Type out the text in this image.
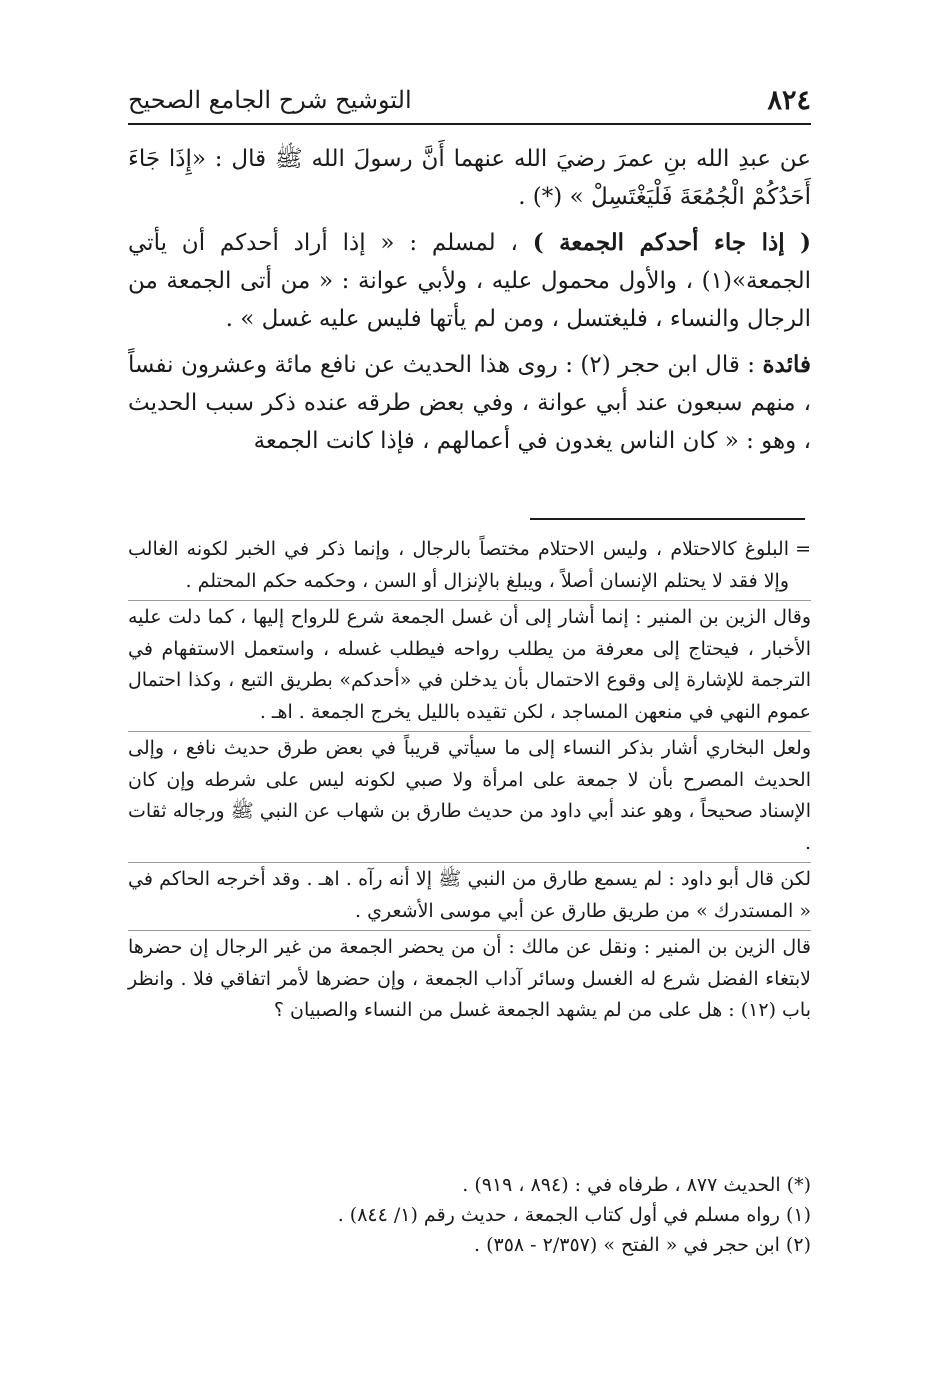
٨٢٤
التوشيح شرح الجامع الصحيح

عن عبدِ الله بنِ عمرَ رضيَ الله عنهما أَنَّ رسولَ الله ﷺ قال : «إِذَا جَاءَ أَحَدُكُمْ الْجُمُعَةَ فَلْيَغْتَسِلْ » (*) .

( إذا جاء أحدكم الجمعة ) ، لمسلم : « إذا أراد أحدكم أن يأتي الجمعة»(١) ، والأول محمول عليه ، ولأبي عوانة : « من أتى الجمعة من الرجال والنساء ، فليغتسل ، ومن لم يأتها فليس عليه غسل » .

فائدة : قال ابن حجر (٢) : روى هذا الحديث عن نافع مائة وعشرون نفساً ، منهم سبعون عند أبي عوانة ، وفي بعض طرقه عنده ذكر سبب الحديث ، وهو : « كان الناس يغدون في أعمالهم ، فإذا كانت الجمعة

=
البلوغ كالاحتلام ، وليس الاحتلام مختصاً بالرجال ، وإنما ذكر في الخبر لكونه الغالب وإلا فقد لا يحتلم الإنسان أصلاً ، ويبلغ بالإنزال أو السن ، وحكمه حكم المحتلم .

وقال الزين بن المنير : إنما أشار إلى أن غسل الجمعة شرع للرواح إليها ، كما دلت عليه الأخبار ، فيحتاج إلى معرفة من يطلب رواحه فيطلب غسله ، واستعمل الاستفهام في الترجمة للإشارة إلى وقوع الاحتمال بأن يدخلن في «أحدكم» بطريق التبع ، وكذا احتمال عموم النهي في منعهن المساجد ، لكن تقيده بالليل يخرج الجمعة . اهـ .

ولعل البخاري أشار بذكر النساء إلى ما سيأتي قريباً في بعض طرق حديث نافع ، وإلى الحديث المصرح بأن لا جمعة على امرأة ولا صبي لكونه ليس على شرطه وإن كان الإسناد صحيحاً ، وهو عند أبي داود من حديث طارق بن شهاب عن النبي ﷺ ورجاله ثقات .

لكن قال أبو داود : لم يسمع طارق من النبي ﷺ إلا أنه رآه . اهـ . وقد أخرجه الحاكم في « المستدرك » من طريق طارق عن أبي موسى الأشعري .

قال الزين بن المنير : ونقل عن مالك : أن من يحضر الجمعة من غير الرجال إن حضرها لابتغاء الفضل شرع له الغسل وسائر آداب الجمعة ، وإن حضرها لأمر اتفاقي فلا . وانظر باب (١٢) : هل على من لم يشهد الجمعة غسل من النساء والصبيان ؟

(*) الحديث ٨٧٧ ، طرفاه في : (٨٩٤ ، ٩١٩) .

(١) رواه مسلم في أول كتاب الجمعة ، حديث رقم (١/ ٨٤٤) .

(٢) ابن حجر في « الفتح » (٢/٣٥٧ - ٣٥٨) .
